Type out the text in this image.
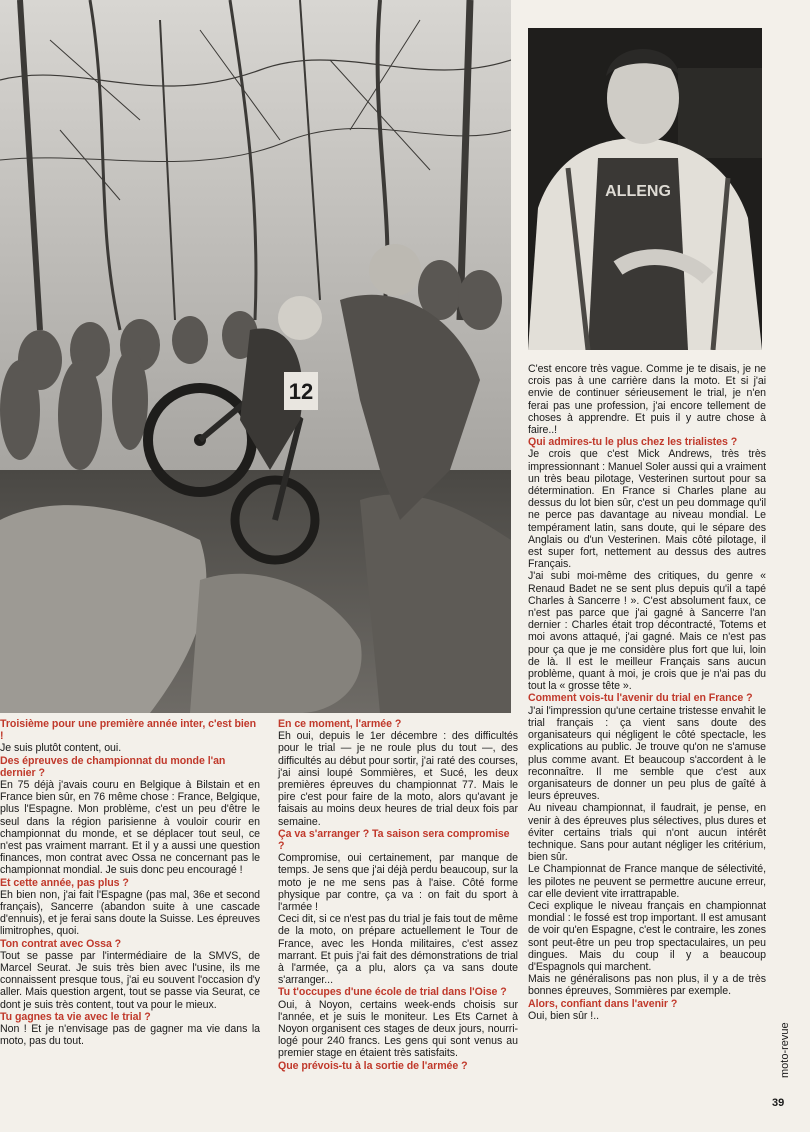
12
ALLENG

Troisième pour une première année inter, c'est bien !

Je suis plutôt content, oui.

Des épreuves de championnat du monde l'an dernier ?

En 75 déjà j'avais couru en Belgique à Bilstain et en France bien sûr, en 76 même chose : France, Belgique, plus l'Espagne. Mon problème, c'est un peu d'être le seul dans la région parisienne à vouloir courir en championnat du monde, et se déplacer tout seul, ce n'est pas vraiment marrant. Et il y a aussi une question finances, mon contrat avec Ossa ne concernant pas le championnat mondial. Je suis donc peu encouragé !

Et cette année, pas plus ?

Eh bien non, j'ai fait l'Espagne (pas mal, 36e et second français), Sancerre (abandon suite à une cascade d'ennuis), et je ferai sans doute la Suisse. Les épreuves limitrophes, quoi.

Ton contrat avec Ossa ?

Tout se passe par l'intermédiaire de la SMVS, de Marcel Seurat. Je suis très bien avec l'usine, ils me connaissent presque tous, j'ai eu souvent l'occasion d'y aller. Mais question argent, tout se passe via Seurat, ce dont je suis très content, tout va pour le mieux.

Tu gagnes ta vie avec le trial ?

Non ! Et je n'envisage pas de gagner ma vie dans la moto, pas du tout.

En ce moment, l'armée ?

Eh oui, depuis le 1er décembre : des difficultés pour le trial — je ne roule plus du tout —, des difficultés au début pour sortir, j'ai raté des courses, j'ai ainsi loupé Sommières, et Sucé, les deux premières épreuves du championnat 77. Mais le pire c'est pour faire de la moto, alors qu'avant je faisais au moins deux heures de trial deux fois par semaine.

Ça va s'arranger ? Ta saison sera compromise ?

Compromise, oui certainement, par manque de temps. Je sens que j'ai déjà perdu beaucoup, sur la moto je ne me sens pas à l'aise. Côté forme physique par contre, ça va : on fait du sport à l'armée !

Ceci dit, si ce n'est pas du trial je fais tout de même de la moto, on prépare actuellement le Tour de France, avec les Honda militaires, c'est assez marrant. Et puis j'ai fait des démonstrations de trial à l'armée, ça a plu, alors ça va sans doute s'arranger...

Tu t'occupes d'une école de trial dans l'Oise ?

Oui, à Noyon, certains week-ends choisis sur l'année, et je suis le moniteur. Les Ets Carnet à Noyon organisent ces stages de deux jours, nourri-logé pour 240 francs. Les gens qui sont venus au premier stage en étaient très satisfaits.

Que prévois-tu à la sortie de l'armée ?

C'est encore très vague. Comme je te disais, je ne crois pas à une carrière dans la moto. Et si j'ai envie de continuer sérieusement le trial, je n'en ferai pas une profession, j'ai encore tellement de choses à apprendre. Et puis il y autre chose à faire..!

Qui admires-tu le plus chez les trialistes ?

Je crois que c'est Mick Andrews, très très impressionnant : Manuel Soler aussi qui a vraiment un très beau pilotage, Vesterinen surtout pour sa détermination. En France si Charles plane au dessus du lot bien sûr, c'est un peu dommage qu'il ne perce pas davantage au niveau mondial. Le tempérament latin, sans doute, qui le sépare des Anglais ou d'un Vesterinen. Mais côté pilotage, il est super fort, nettement au dessus des autres Français.

J'ai subi moi-même des critiques, du genre « Renaud Badet ne se sent plus depuis qu'il a tapé Charles à Sancerre ! ». C'est absolument faux, ce n'est pas parce que j'ai gagné à Sancerre l'an dernier : Charles était trop décontracté, Totems et moi avons attaqué, j'ai gagné. Mais ce n'est pas pour ça que je me considère plus fort que lui, loin de là. Il est le meilleur Français sans aucun problème, quant à moi, je crois que je n'ai pas du tout la « grosse tête ».

Comment vois-tu l'avenir du trial en France ?

J'ai l'impression qu'une certaine tristesse envahit le trial français : ça vient sans doute des organisateurs qui négligent le côté spectacle, les explications au public. Je trouve qu'on ne s'amuse plus comme avant. Et beaucoup s'accordent à le reconnaître. Il me semble que c'est aux organisateurs de donner un peu plus de gaîté à leurs épreuves.

Au niveau championnat, il faudrait, je pense, en venir à des épreuves plus sélectives, plus dures et éviter certains trials qui n'ont aucun intérêt technique. Sans pour autant négliger les critérium, bien sûr.

Le Championnat de France manque de sélectivité, les pilotes ne peuvent se permettre aucune erreur, car elle devient vite irrattrapable.

Ceci explique le niveau français en championnat mondial : le fossé est trop important. Il est amusant de voir qu'en Espagne, c'est le contraire, les zones sont peut-être un peu trop spectaculaires, un peu dingues. Mais du coup il y a beaucoup d'Espagnols qui marchent.

Mais ne généralisons pas non plus, il y a de très bonnes épreuves, Sommières par exemple.

Alors, confiant dans l'avenir ?

Oui, bien sûr !..

moto-revue
39
